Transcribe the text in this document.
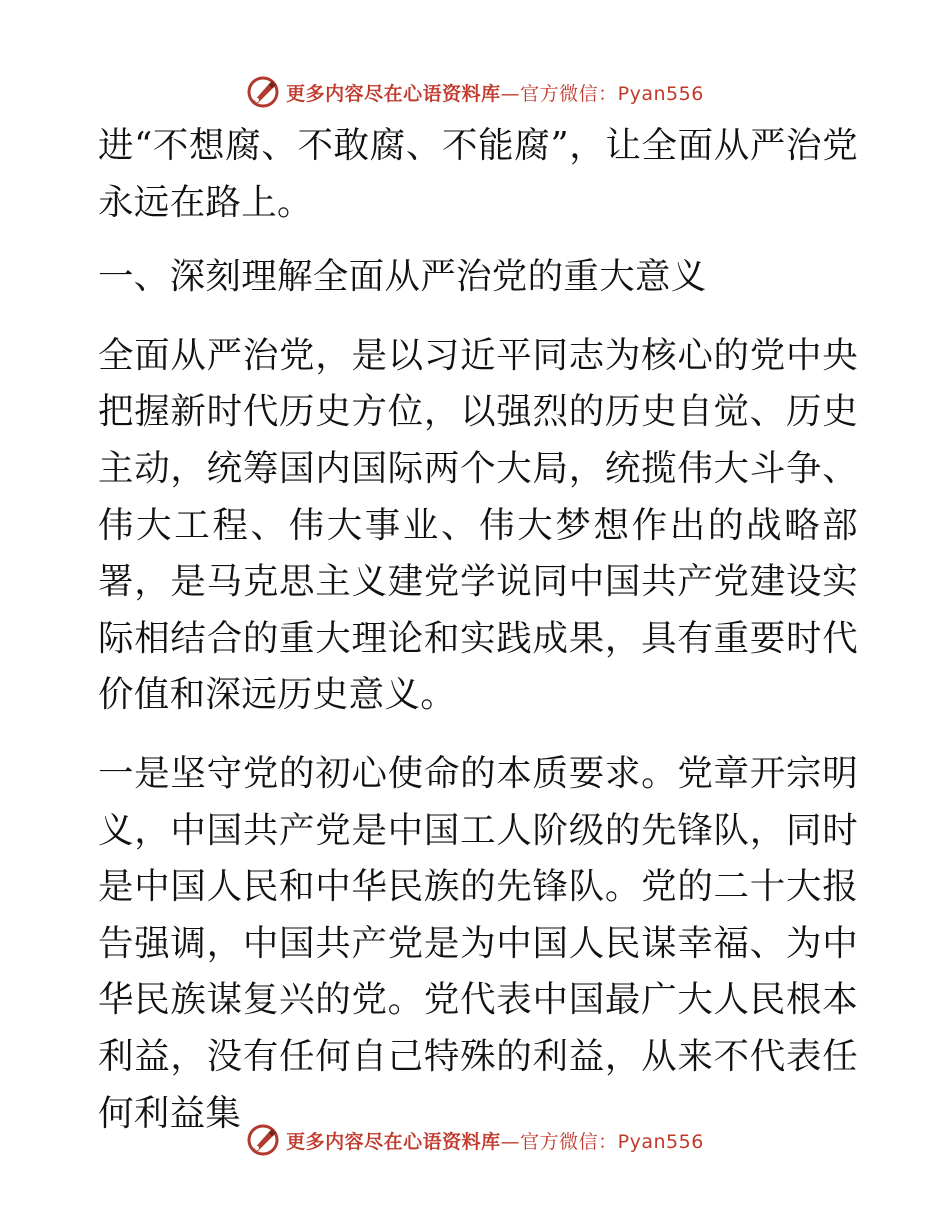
更多内容尽在心语资料库—官方微信：Pyan556

进“不想腐、不敢腐、不能腐”，让全面从严治党永远在路上。

一、深刻理解全面从严治党的重大意义

全面从严治党，是以习近平同志为核心的党中央把握新时代历史方位，以强烈的历史自觉、历史主动，统筹国内国际两个大局，统揽伟大斗争、伟大工程、伟大事业、伟大梦想作出的战略部署，是马克思主义建党学说同中国共产党建设实际相结合的重大理论和实践成果，具有重要时代价值和深远历史意义。

一是坚守党的初心使命的本质要求。党章开宗明义，中国共产党是中国工人阶级的先锋队，同时是中国人民和中华民族的先锋队。党的二十大报告强调，中国共产党是为中国人民谋幸福、为中华民族谋复兴的党。党代表中国最广大人民根本利益，没有任何自己特殊的利益，从来不代表任何利益集

更多内容尽在心语资料库—官方微信：Pyan556
